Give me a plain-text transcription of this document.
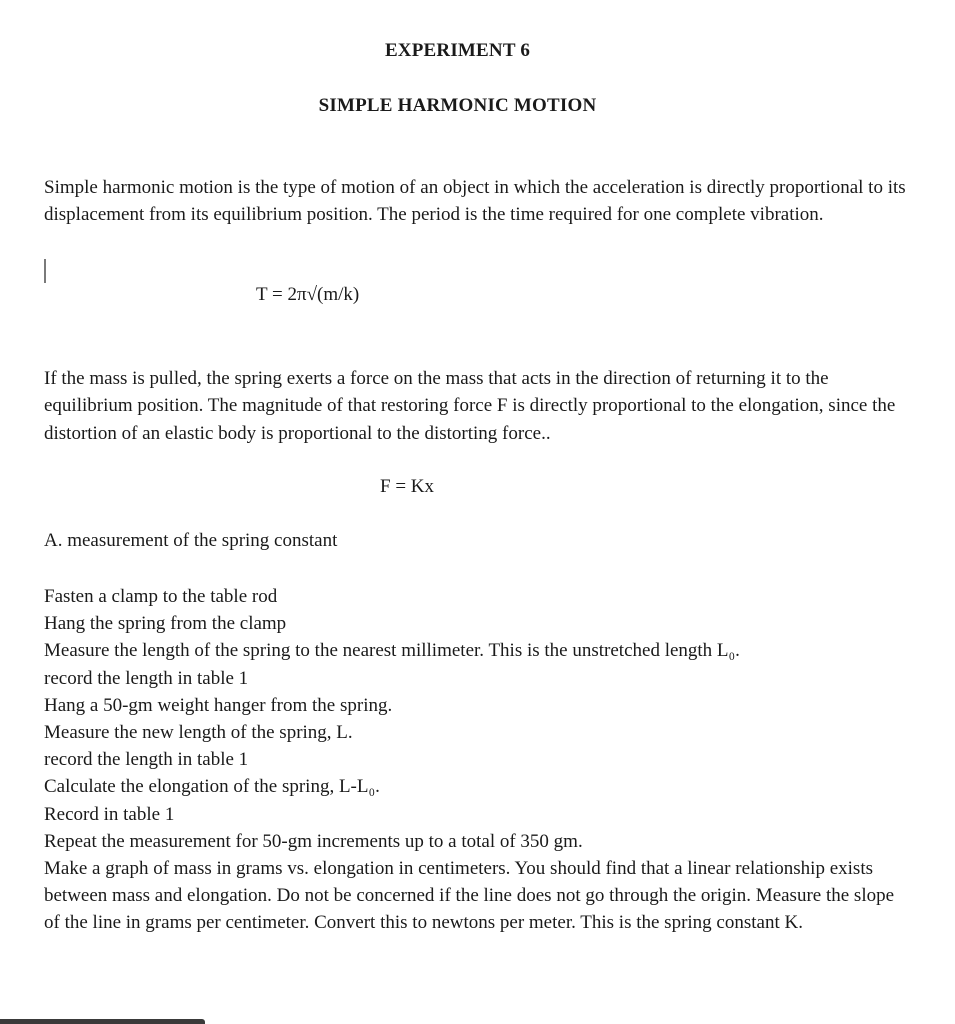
EXPERIMENT 6
SIMPLE HARMONIC MOTION

Simple harmonic motion is the type of motion of an object in which the acceleration is directly proportional to its displacement from its equilibrium position. The period is the time required for one complete vibration.

T = 2π√(m/k)

If the mass is pulled, the spring exerts a force on the mass that acts in the direction of returning it to the equilibrium position. The magnitude of that restoring force F is directly proportional to the elongation, since the distortion of an elastic body is proportional to the distorting force..

F = Kx
A. measurement of the spring constant
Fasten a clamp to the table rod
Hang the spring from the clamp
Measure the length of the spring to the nearest millimeter. This is the unstretched length L₀.
record the length in table 1
Hang a 50-gm weight hanger from the spring.
Measure the new length of the spring, L.
record the length in table 1
Calculate the elongation of the spring, L-L₀.
Record in table 1
Repeat the measurement for 50-gm increments up to a total of 350 gm.
Make a graph of mass in grams vs. elongation in centimeters. You should find that a linear relationship exists between mass and elongation. Do not be concerned if the line does not go through the origin. Measure the slope of the line in grams per centimeter. Convert this to newtons per meter. This is the spring constant K.
